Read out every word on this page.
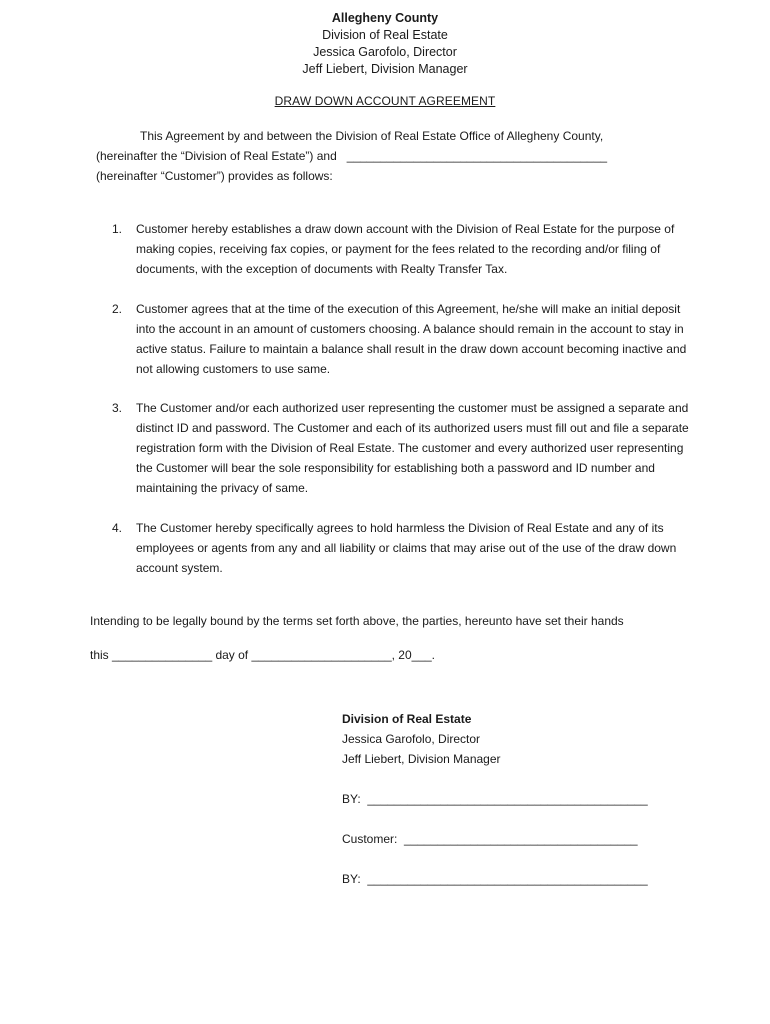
Allegheny County
Division of Real Estate
Jessica Garofolo, Director
Jeff Liebert, Division Manager
DRAW DOWN ACCOUNT AGREEMENT
This Agreement by and between the Division of Real Estate Office of Allegheny County,
(hereinafter the “Division of Real Estate”) and   _______________________________________
(hereinafter “Customer”) provides as follows:
1.	Customer hereby establishes a draw down account with the Division of Real Estate for the purpose of making copies, receiving fax copies, or payment for the fees related to the recording and/or filing of documents, with the exception of documents with Realty Transfer Tax.
2.	Customer agrees that at the time of the execution of this Agreement, he/she will make an initial deposit into the account in an amount of customers choosing. A balance should remain in the account to stay in active status. Failure to maintain a balance shall result in the draw down account becoming inactive and not allowing customers to use same.
3.	The Customer and/or each authorized user representing the customer must be assigned a separate and distinct ID and password. The Customer and each of its authorized users must fill out and file a separate registration form with the Division of Real Estate. The customer and every authorized user representing the Customer will bear the sole responsibility for establishing both a password and ID number and maintaining the privacy of same.
4.	The Customer hereby specifically agrees to hold harmless the Division of Real Estate and any of its employees or agents from any and all liability or claims that may arise out of the use of the draw down account system.
Intending to be legally bound by the terms set forth above, the parties, hereunto have set their hands
this _______________ day of _____________________, 20___.
Division of Real Estate
Jessica Garofolo, Director
Jeff Liebert, Division Manager
BY:  __________________________________________
Customer:  ___________________________________
BY:  __________________________________________
